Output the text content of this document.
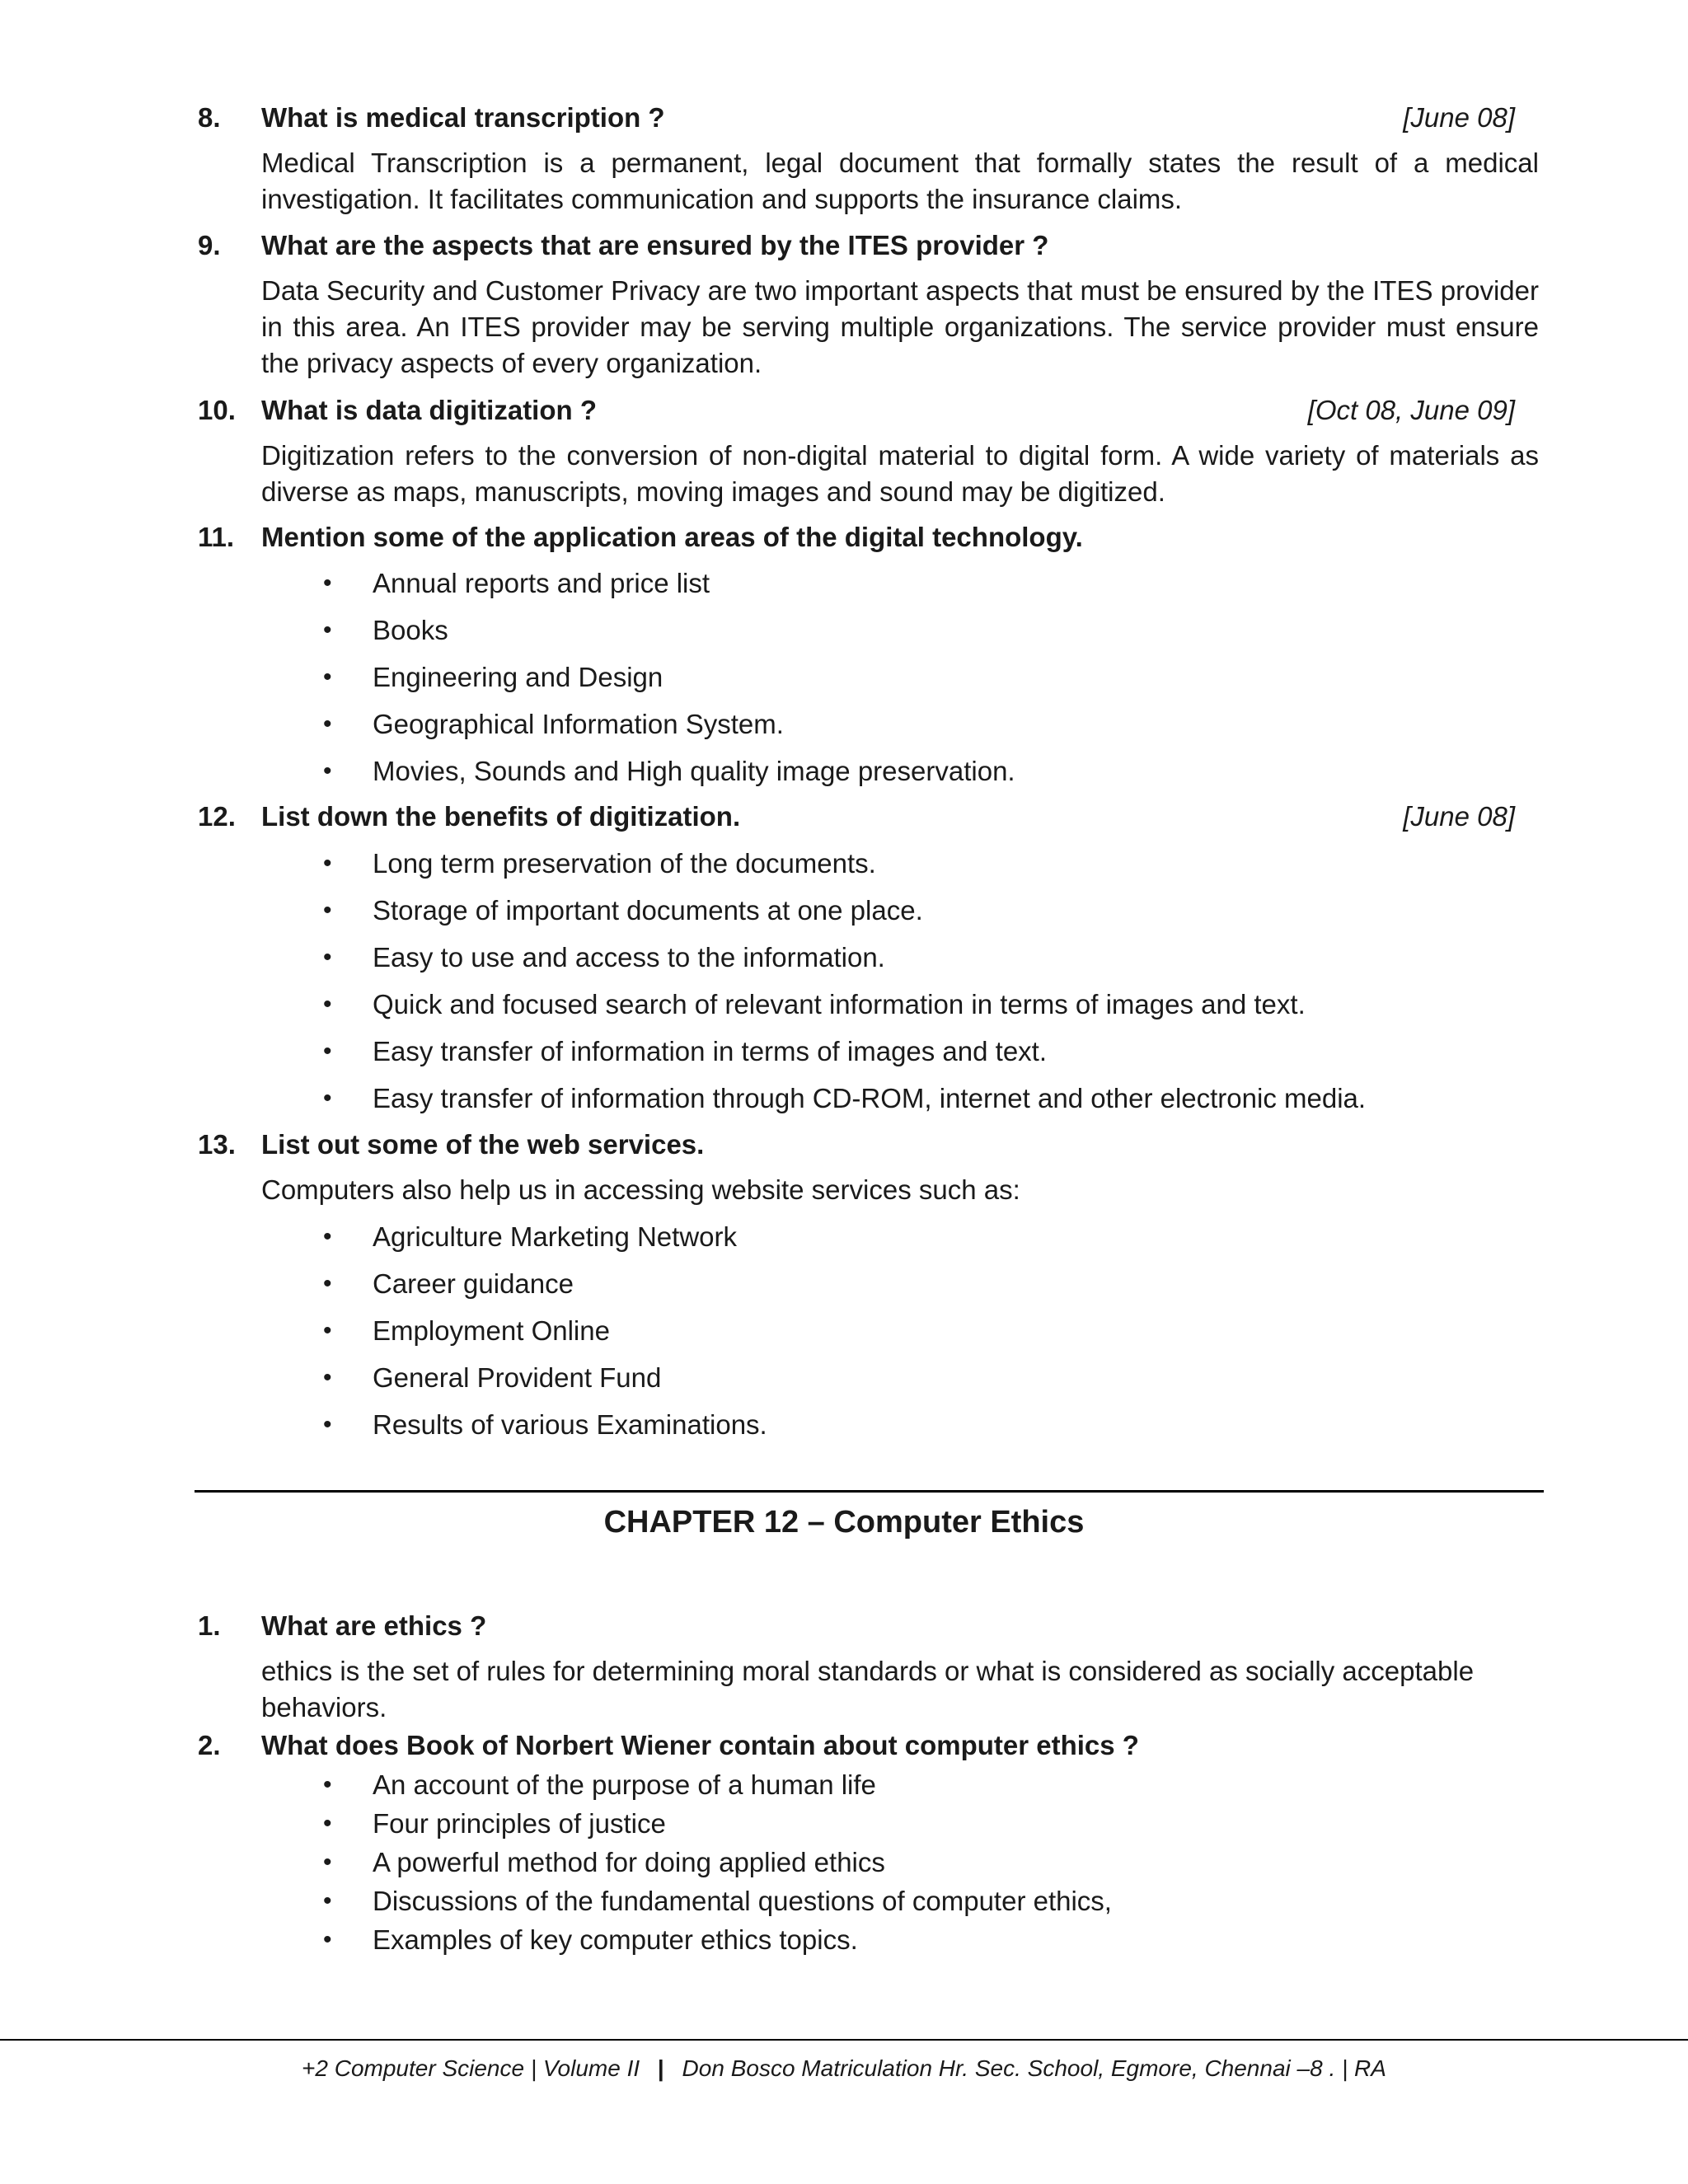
8. What is medical transcription ?	[June 08]
Medical Transcription is a permanent, legal document that formally states the result of a medical investigation. It facilitates communication and supports the insurance claims.
9. What are the aspects that are ensured by the ITES provider ?
Data Security and Customer Privacy are two important aspects that must be ensured by the ITES provider in this area. An ITES provider may be serving multiple organizations. The service provider must ensure the privacy aspects of every organization.
10. What is data digitization ?	[Oct 08, June 09]
Digitization refers to the conversion of non-digital material to digital form. A wide variety of materials as diverse as maps, manuscripts, moving images and sound may be digitized.
11. Mention some of the application areas of the digital technology.
• Annual reports and price list
• Books
• Engineering and Design
• Geographical Information System.
• Movies, Sounds and High quality image preservation.
12. List down the benefits of digitization.	[June 08]
• Long term preservation of the documents.
• Storage of important documents at one place.
• Easy to use and access to the information.
• Quick and focused search of relevant information in terms of images and text.
• Easy transfer of information in terms of images and text.
• Easy transfer of information through CD-ROM, internet and other electronic media.
13. List out some of the web services.
Computers also help us in accessing website services such as:
• Agriculture Marketing Network
• Career guidance
• Employment Online
• General Provident Fund
• Results of various Examinations.
CHAPTER 12 – Computer Ethics
1. What are ethics ?
ethics is the set of rules for determining moral standards or what is considered as socially acceptable behaviors.
2. What does Book of Norbert Wiener contain about computer ethics ?
• An account of the purpose of a human life
• Four principles of justice
• A powerful method for doing applied ethics
• Discussions of the fundamental questions of computer ethics,
• Examples of key computer ethics topics.
+2 Computer Science | Volume II | Don Bosco Matriculation Hr. Sec. School, Egmore, Chennai –8 . | RA
